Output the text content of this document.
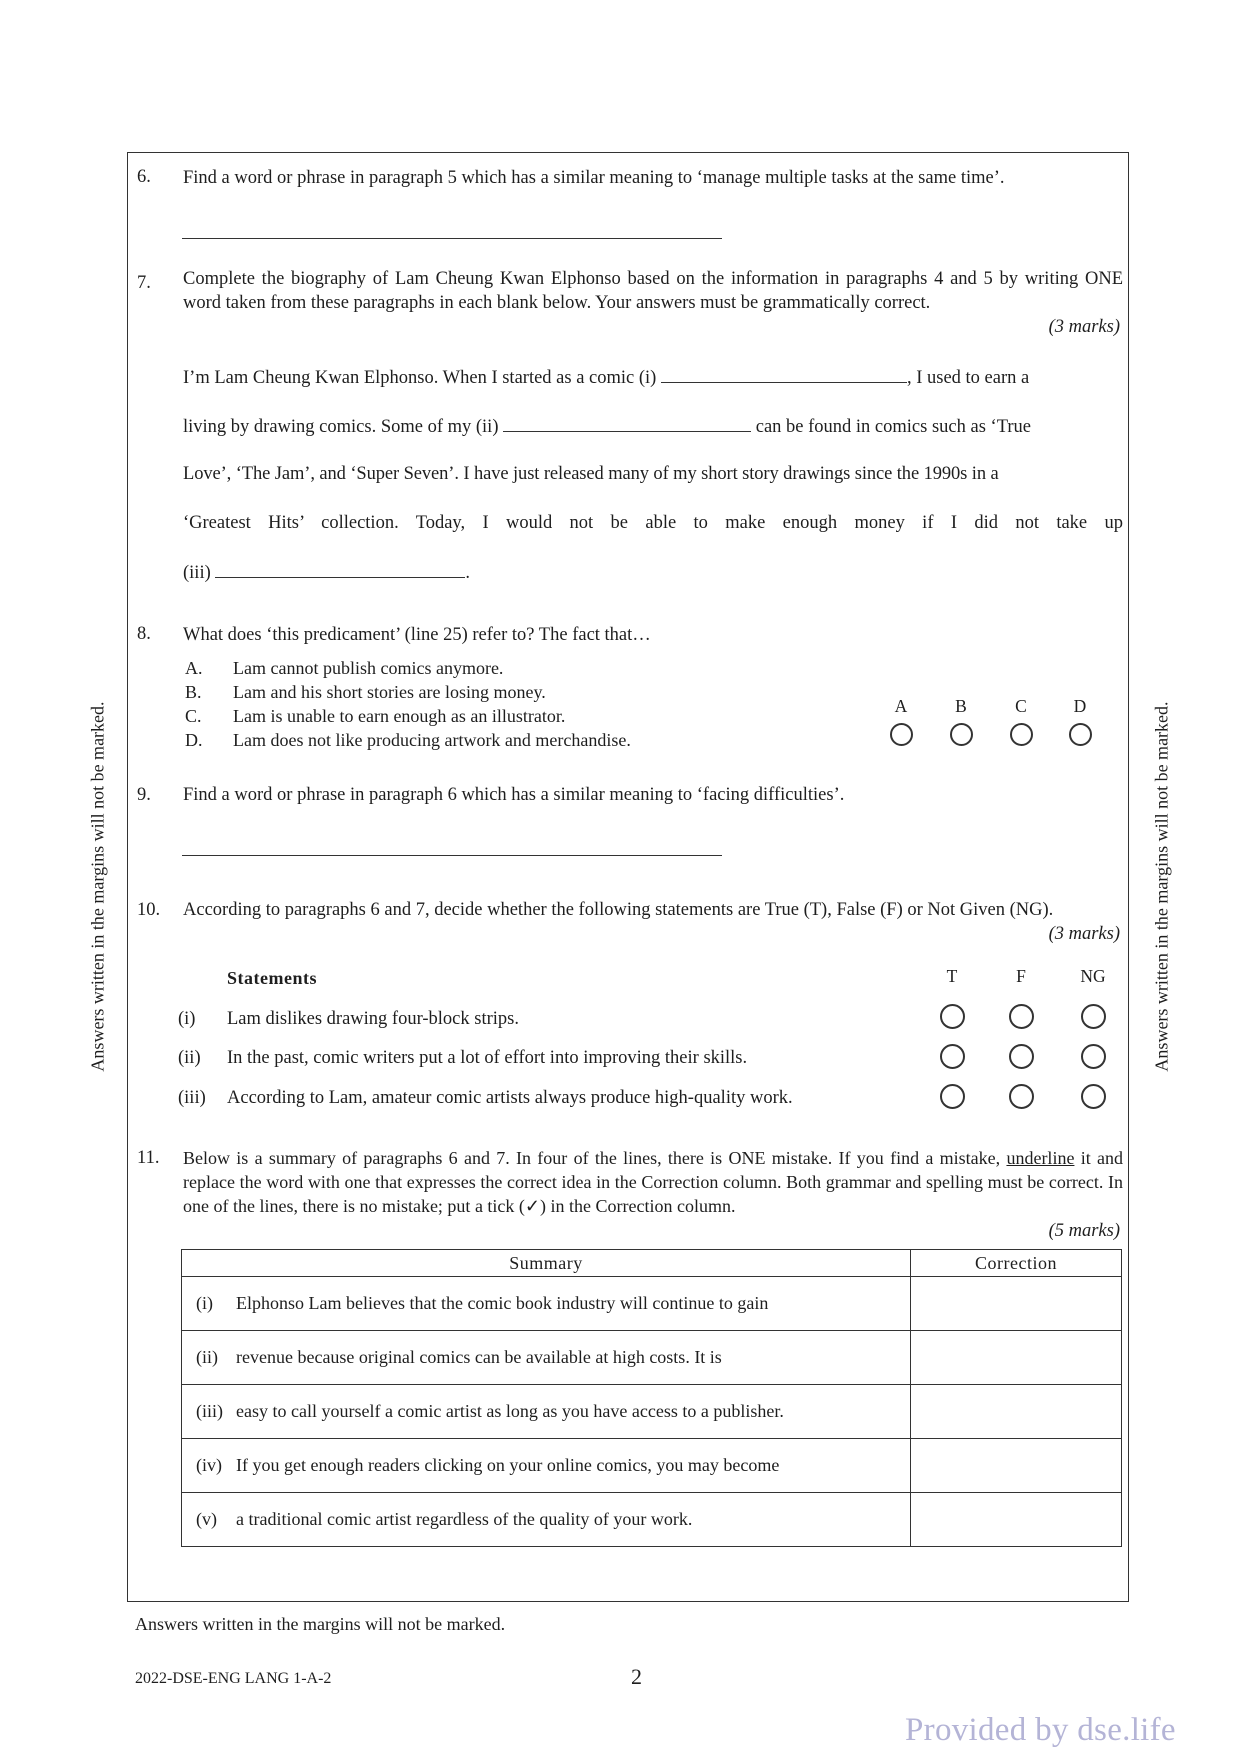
Answers written in the margins will not be marked.	Answers written in the margins will not be marked.
6. Find a word or phrase in paragraph 5 which has a similar meaning to ‘manage multiple tasks at the same time’.
7. Complete the biography of Lam Cheung Kwan Elphonso based on the information in paragraphs 4 and 5 by writing ONE word taken from these paragraphs in each blank below. Your answers must be grammatically correct.
(3 marks)
I’m Lam Cheung Kwan Elphonso. When I started as a comic (i)	, I used to earn a
living by drawing comics. Some of my (ii)	can be found in comics such as ‘True
Love’, ‘The Jam’, and ‘Super Seven’. I have just released many of my short story drawings since the 1990s in a
‘Greatest Hits’ collection. Today, I would not be able to make enough money if I did not take up
(iii)	.
8. What does ‘this predicament’ (line 25) refer to? The fact that…
A. Lam cannot publish comics anymore.
B. Lam and his short stories are losing money.
C. Lam is unable to earn enough as an illustrator.
D. Lam does not like producing artwork and merchandise.
A	B	C	D
9. Find a word or phrase in paragraph 6 which has a similar meaning to ‘facing difficulties’.
10. According to paragraphs 6 and 7, decide whether the following statements are True (T), False (F) or Not Given (NG).
(3 marks)
Statements	T	F	NG
(i) Lam dislikes drawing four-block strips.
(ii) In the past, comic writers put a lot of effort into improving their skills.
(iii) According to Lam, amateur comic artists always produce high-quality work.
11. Below is a summary of paragraphs 6 and 7. In four of the lines, there is ONE mistake. If you find a mistake, underline it and replace the word with one that expresses the correct idea in the Correction column. Both grammar and spelling must be correct. In one of the lines, there is no mistake; put a tick (✓) in the Correction column.
(5 marks)
Summary	Correction
(i) Elphonso Lam believes that the comic book industry will continue to gain	
(ii) revenue because original comics can be available at high costs. It is	
(iii) easy to call yourself a comic artist as long as you have access to a publisher.	
(iv) If you get enough readers clicking on your online comics, you may become	
(v) a traditional comic artist regardless of the quality of your work.	
Answers written in the margins will not be marked.
2022-DSE-ENG LANG 1-A-2	2
Provided by dse.life
